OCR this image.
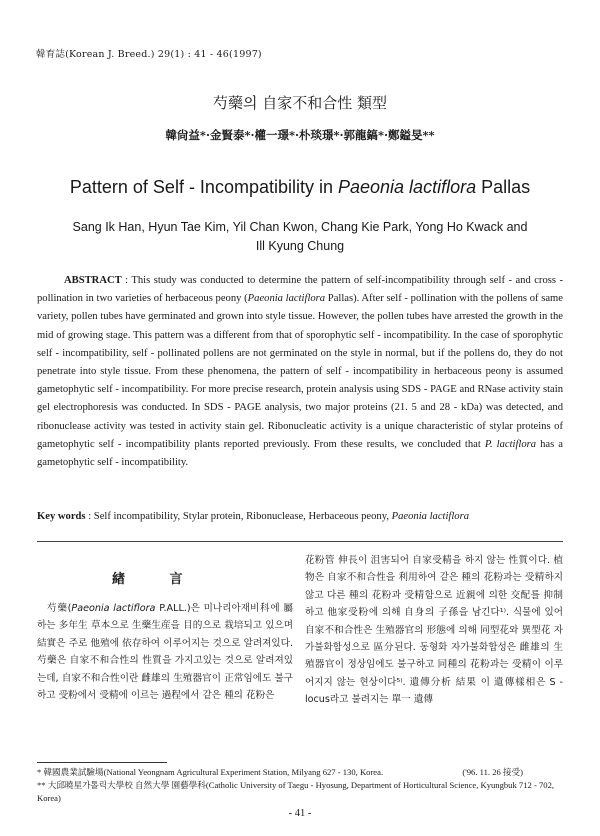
韓育誌(Korean J. Breed.) 29(1) : 41 - 46(1997)
芍藥의 自家不和合性 類型
韓尙益*·金賢泰*·權一璟*·朴琰璟*·郭龍鎬*·鄭鎰旻**
Pattern of Self - Incompatibility in Paeonia lactiflora Pallas
Sang Ik Han, Hyun Tae Kim, Yil Chan Kwon, Chang Kie Park, Yong Ho Kwack and
Ill Kyung Chung
ABSTRACT : This study was conducted to determine the pattern of self-incompatibility through self - and cross - pollination in two varieties of herbaceous peony (Paeonia lactiflora Pallas). After self - pollination with the pollens of same variety, pollen tubes have germinated and grown into style tissue. However, the pollen tubes have arrested the growth in the mid of growing stage. This pattern was a different from that of sporophytic self - incompatibility. In the case of sporophytic self - incompatibility, self - pollinated pollens are not germinated on the style in normal, but if the pollens do, they do not penetrate into style tissue. From these phenomena, the pattern of self - incompatibility in herbaceous peony is assumed gametophytic self - incompatibility. For more precise research, protein analysis using SDS - PAGE and RNase activity stain gel electrophoresis was conducted. In SDS - PAGE analysis, two major proteins (21. 5 and 28 - kDa) was detected, and ribonuclease activity was tested in activity stain gel. Ribonucleatic activity is a unique characteristic of stylar proteins of gametophytic self - incompatibility plants reported previously. From these results, we concluded that P. lactiflora has a gametophytic self - incompatibility.
Key words : Self incompatibility, Stylar protein, Ribonuclease, Herbaceous peony, Paeonia lactiflora
緖 言
芍藥(Paeonia lactiflora P.ALL.)은 미나리아재비科에 屬하는 多年生 草本으로 生藥生産을 目的으로 栽培되고 있으며 結實은 주로 他殖에 依存하여 이루어지는 것으로 알려져있다. 芍藥은 自家不和合性의 性質을 가지고있는 것으로 알려져있는데, 自家不和合性이란 雌雄의 生殖器官이 正常임에도 불구하고 受粉에서 受精에 이르는 過程에서 같은 種의 花粉은
花粉管 伸長이 沮害되어 自家受精을 하지 않는 性質이다. 植物은 自家不和合性을 利用하여 같은 種의 花粉과는 受精하지 않고 다른 種의 花粉과 受精함으로 近親에 의한 交配를 抑制하고 他家受粉에 의해 自身의 子孫을 남긴다¹⁾. 식물에 있어 自家不和合性은 生殖器官의 形態에 의해 同型花와 異型花 자가불화합성으로 區分된다. 동형화 자가불화합성은 雌雄의 生殖器官이 정상임에도 불구하고 同種의 花粉과는 受精이 이루어지지 않는 현상이다⁵⁾. 遺傳分析 結果 이 遺傳樣相은 S - locus라고 불려지는 單一 遺傳
* 韓國農業試驗場(National Yeongnam Agricultural Experiment Station, Milyang 627 - 130, Korea.	('96. 11. 26 接受)
** 大邱曉星가톨릭大學校 自然大學 園藝學科(Catholic University of Taegu - Hyosung, Department of Horticultural Science, Kyungbuk 712 - 702, Korea)
- 41 -
